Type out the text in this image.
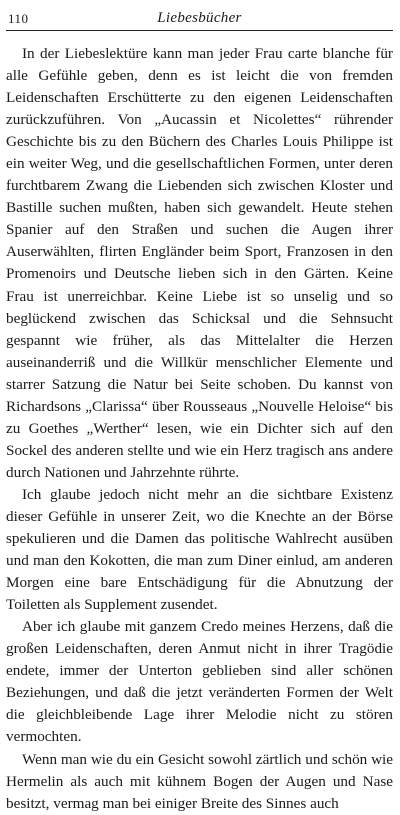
110	Liebesbücher

In der Liebeslektüre kann man jeder Frau carte blanche für alle Gefühle geben, denn es ist leicht die von fremden Leidenschaften Erschütterte zu den eigenen Leidenschaften zurückzuführen. Von „Aucassin et Nicolettes“ rührender Geschichte bis zu den Büchern des Charles Louis Philippe ist ein weiter Weg, und die gesellschaftlichen Formen, unter deren furchtbarem Zwang die Liebenden sich zwischen Kloster und Bastille suchen mußten, haben sich gewandelt. Heute stehen Spanier auf den Straßen und suchen die Augen ihrer Auserwählten, flirten Engländer beim Sport, Franzosen in den Promenoirs und Deutsche lieben sich in den Gärten. Keine Frau ist unerreichbar. Keine Liebe ist so unselig und so beglückend zwischen das Schicksal und die Sehnsucht gespannt wie früher, als das Mittelalter die Herzen auseinanderriß und die Willkür menschlicher Elemente und starrer Satzung die Natur bei Seite schoben. Du kannst von Richardsons „Clarissa“ über Rousseaus „Nouvelle Heloise“ bis zu Goethes „Werther“ lesen, wie ein Dichter sich auf den Sockel des anderen stellte und wie ein Herz tragisch ans andere durch Nationen und Jahrzehnte rührte.

Ich glaube jedoch nicht mehr an die sichtbare Existenz dieser Gefühle in unserer Zeit, wo die Knechte an der Börse spekulieren und die Damen das politische Wahlrecht ausüben und man den Kokotten, die man zum Diner einlud, am anderen Morgen eine bare Entschädigung für die Abnutzung der Toiletten als Supplement zusendet.

Aber ich glaube mit ganzem Credo meines Herzens, daß die großen Leidenschaften, deren Anmut nicht in ihrer Tragödie endete, immer der Unterton geblieben sind aller schönen Beziehungen, und daß die jetzt veränderten Formen der Welt die gleichbleibende Lage ihrer Melodie nicht zu stören vermochten.

Wenn man wie du ein Gesicht sowohl zärtlich und schön wie Hermelin als auch mit kühnem Bogen der Augen und Nase besitzt, vermag man bei einiger Breite des Sinnes auch
